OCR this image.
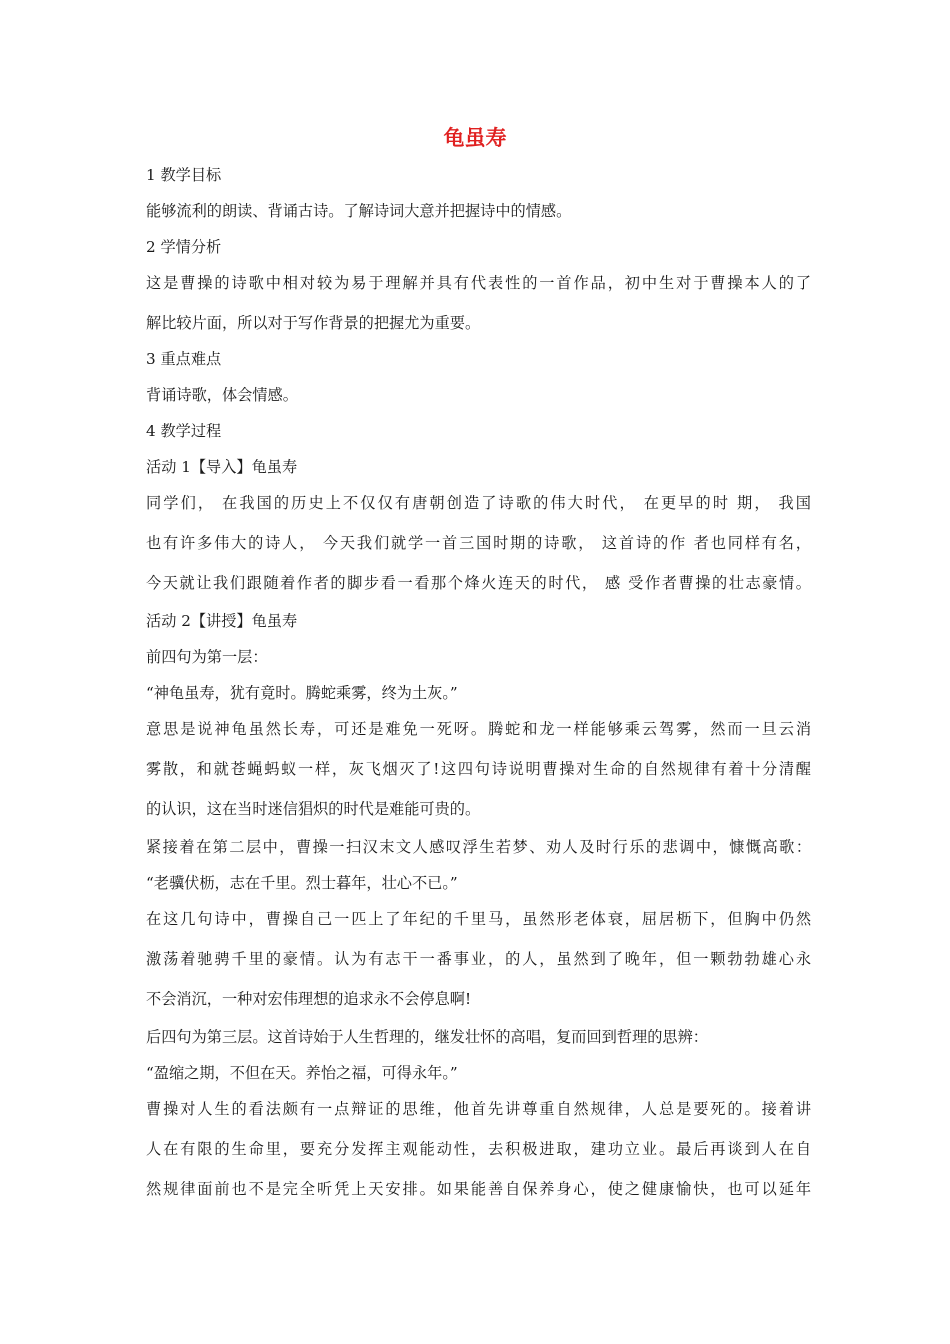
龟虽寿
1 教学目标
能够流利的朗读、背诵古诗。了解诗词大意并把握诗中的情感。
2 学情分析
这是曹操的诗歌中相对较为易于理解并具有代表性的一首作品，初中生对于曹操本人的了
解比较片面，所以对于写作背景的把握尤为重要。
3 重点难点
背诵诗歌，体会情感。
4 教学过程
活动 1【导入】龟虽寿
同学们， 在我国的历史上不仅仅有唐朝创造了诗歌的伟大时代， 在更早的时 期， 我国
也有许多伟大的诗人， 今天我们就学一首三国时期的诗歌， 这首诗的作 者也同样有名，
今天就让我们跟随着作者的脚步看一看那个烽火连天的时代， 感 受作者曹操的壮志豪情。
活动 2【讲授】龟虽寿
前四句为第一层：
“神龟虽寿，犹有竟时。腾蛇乘雾，终为土灰。”
意思是说神龟虽然长寿，可还是难免一死呀。腾蛇和龙一样能够乘云驾雾，然而一旦云消
雾散，和就苍蝇蚂蚁一样，灰飞烟灭了!这四句诗说明曹操对生命的自然规律有着十分清醒
的认识，这在当时迷信猖炽的时代是难能可贵的。
紧接着在第二层中，曹操一扫汉末文人感叹浮生若梦、劝人及时行乐的悲调中，慷慨高歌：
“老骥伏枥，志在千里。烈士暮年，壮心不已。”
在这几句诗中，曹操自己一匹上了年纪的千里马，虽然形老体衰，屈居枥下，但胸中仍然
激荡着驰骋千里的豪情。认为有志干一番事业，的人，虽然到了晚年，但一颗勃勃雄心永
不会消沉，一种对宏伟理想的追求永不会停息啊!
后四句为第三层。这首诗始于人生哲理的，继发壮怀的高唱，复而回到哲理的思辨：
“盈缩之期，不但在天。养怡之福，可得永年。”
曹操对人生的看法颇有一点辩证的思维，他首先讲尊重自然规律，人总是要死的。接着讲
人在有限的生命里，要充分发挥主观能动性，去积极进取，建功立业。最后再谈到人在自
然规律面前也不是完全听凭上天安排。如果能善自保养身心，使之健康愉快，也可以延年
